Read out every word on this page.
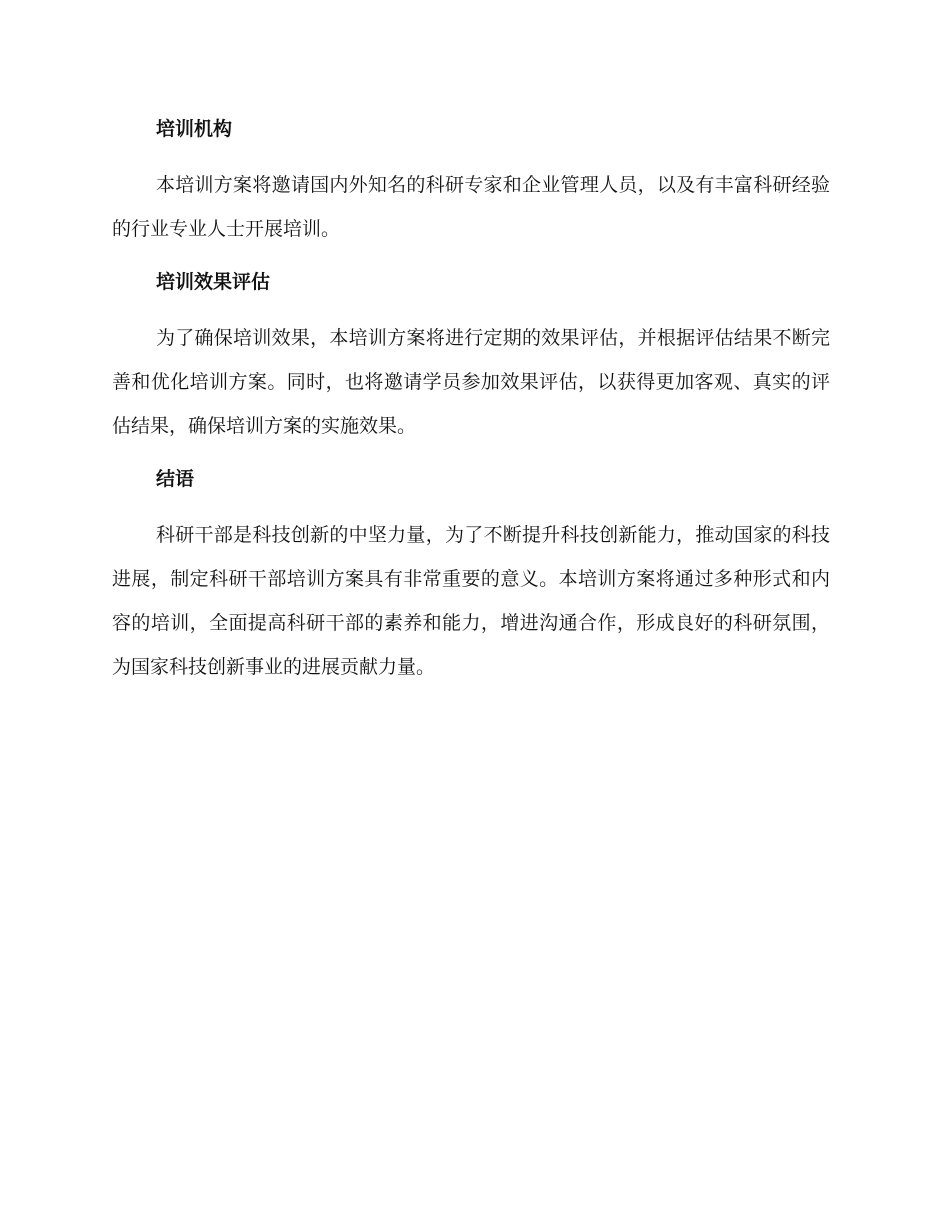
培训机构

本培训方案将邀请国内外知名的科研专家和企业管理人员，以及有丰富科研经验的行业专业人士开展培训。

培训效果评估

为了确保培训效果，本培训方案将进行定期的效果评估，并根据评估结果不断完善和优化培训方案。同时，也将邀请学员参加效果评估，以获得更加客观、真实的评估结果，确保培训方案的实施效果。

结语

科研干部是科技创新的中坚力量，为了不断提升科技创新能力，推动国家的科技进展，制定科研干部培训方案具有非常重要的意义。本培训方案将通过多种形式和内容的培训，全面提高科研干部的素养和能力，增进沟通合作，形成良好的科研氛围，为国家科技创新事业的进展贡献力量。
